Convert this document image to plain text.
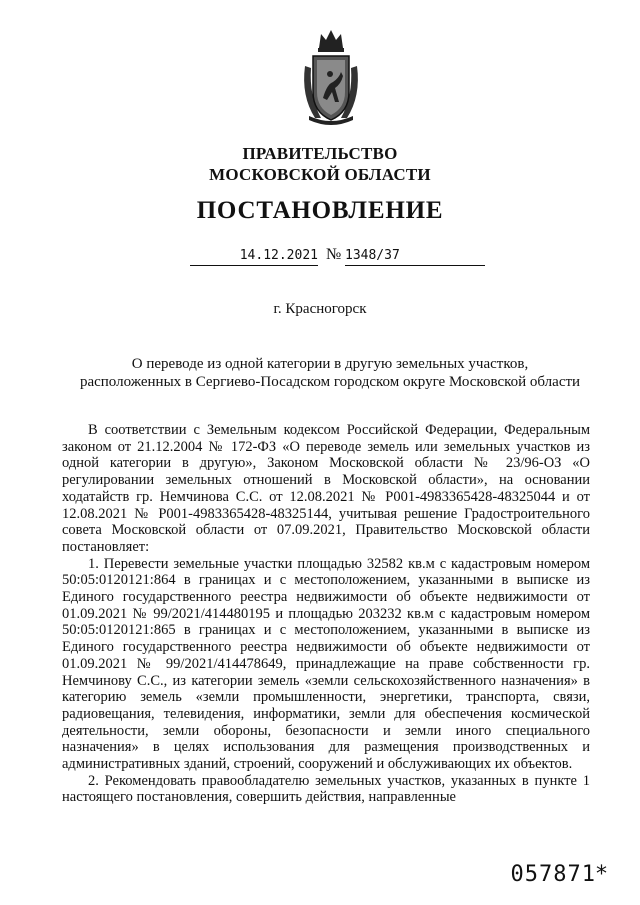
ПРАВИТЕЛЬСТВО
МОСКОВСКОЙ ОБЛАСТИ
ПОСТАНОВЛЕНИЕ
14.12.2021 № 1348/37
г. Красногорск
О переводе из одной категории в другую земельных участков,
расположенных в Сергиево-Посадском городском округе Московской области

В соответствии с Земельным кодексом Российской Федерации, Федеральным законом от 21.12.2004 № 172-ФЗ «О переводе земель или земельных участков из одной категории в другую», Законом Московской области № 23/96-ОЗ «О регулировании земельных отношений в Московской области», на основании ходатайств гр. Немчинова С.С. от 12.08.2021 № Р001-4983365428-48325044 и от 12.08.2021 № Р001-4983365428-48325144, учитывая решение Градостроительного совета Московской области от 07.09.2021, Правительство Московской области постановляет:

1. Перевести земельные участки площадью 32582 кв.м с кадастровым номером 50:05:0120121:864 в границах и с местоположением, указанными в выписке из Единого государственного реестра недвижимости об объекте недвижимости от 01.09.2021 № 99/2021/414480195 и площадью 203232 кв.м с кадастровым номером 50:05:0120121:865 в границах и с местоположением, указанными в выписке из Единого государственного реестра недвижимости об объекте недвижимости от 01.09.2021 № 99/2021/414478649, принадлежащие на праве собственности гр. Немчинову С.С., из категории земель «земли сельскохозяйственного назначения» в категорию земель «земли промышленности, энергетики, транспорта, связи, радиовещания, телевидения, информатики, земли для обеспечения космической деятельности, земли обороны, безопасности и земли иного специального назначения» в целях использования для размещения производственных и административных зданий, строений, сооружений и обслуживающих их объектов.

2. Рекомендовать правообладателю земельных участков, указанных в пункте 1 настоящего постановления, совершить действия, направленные

057871*
